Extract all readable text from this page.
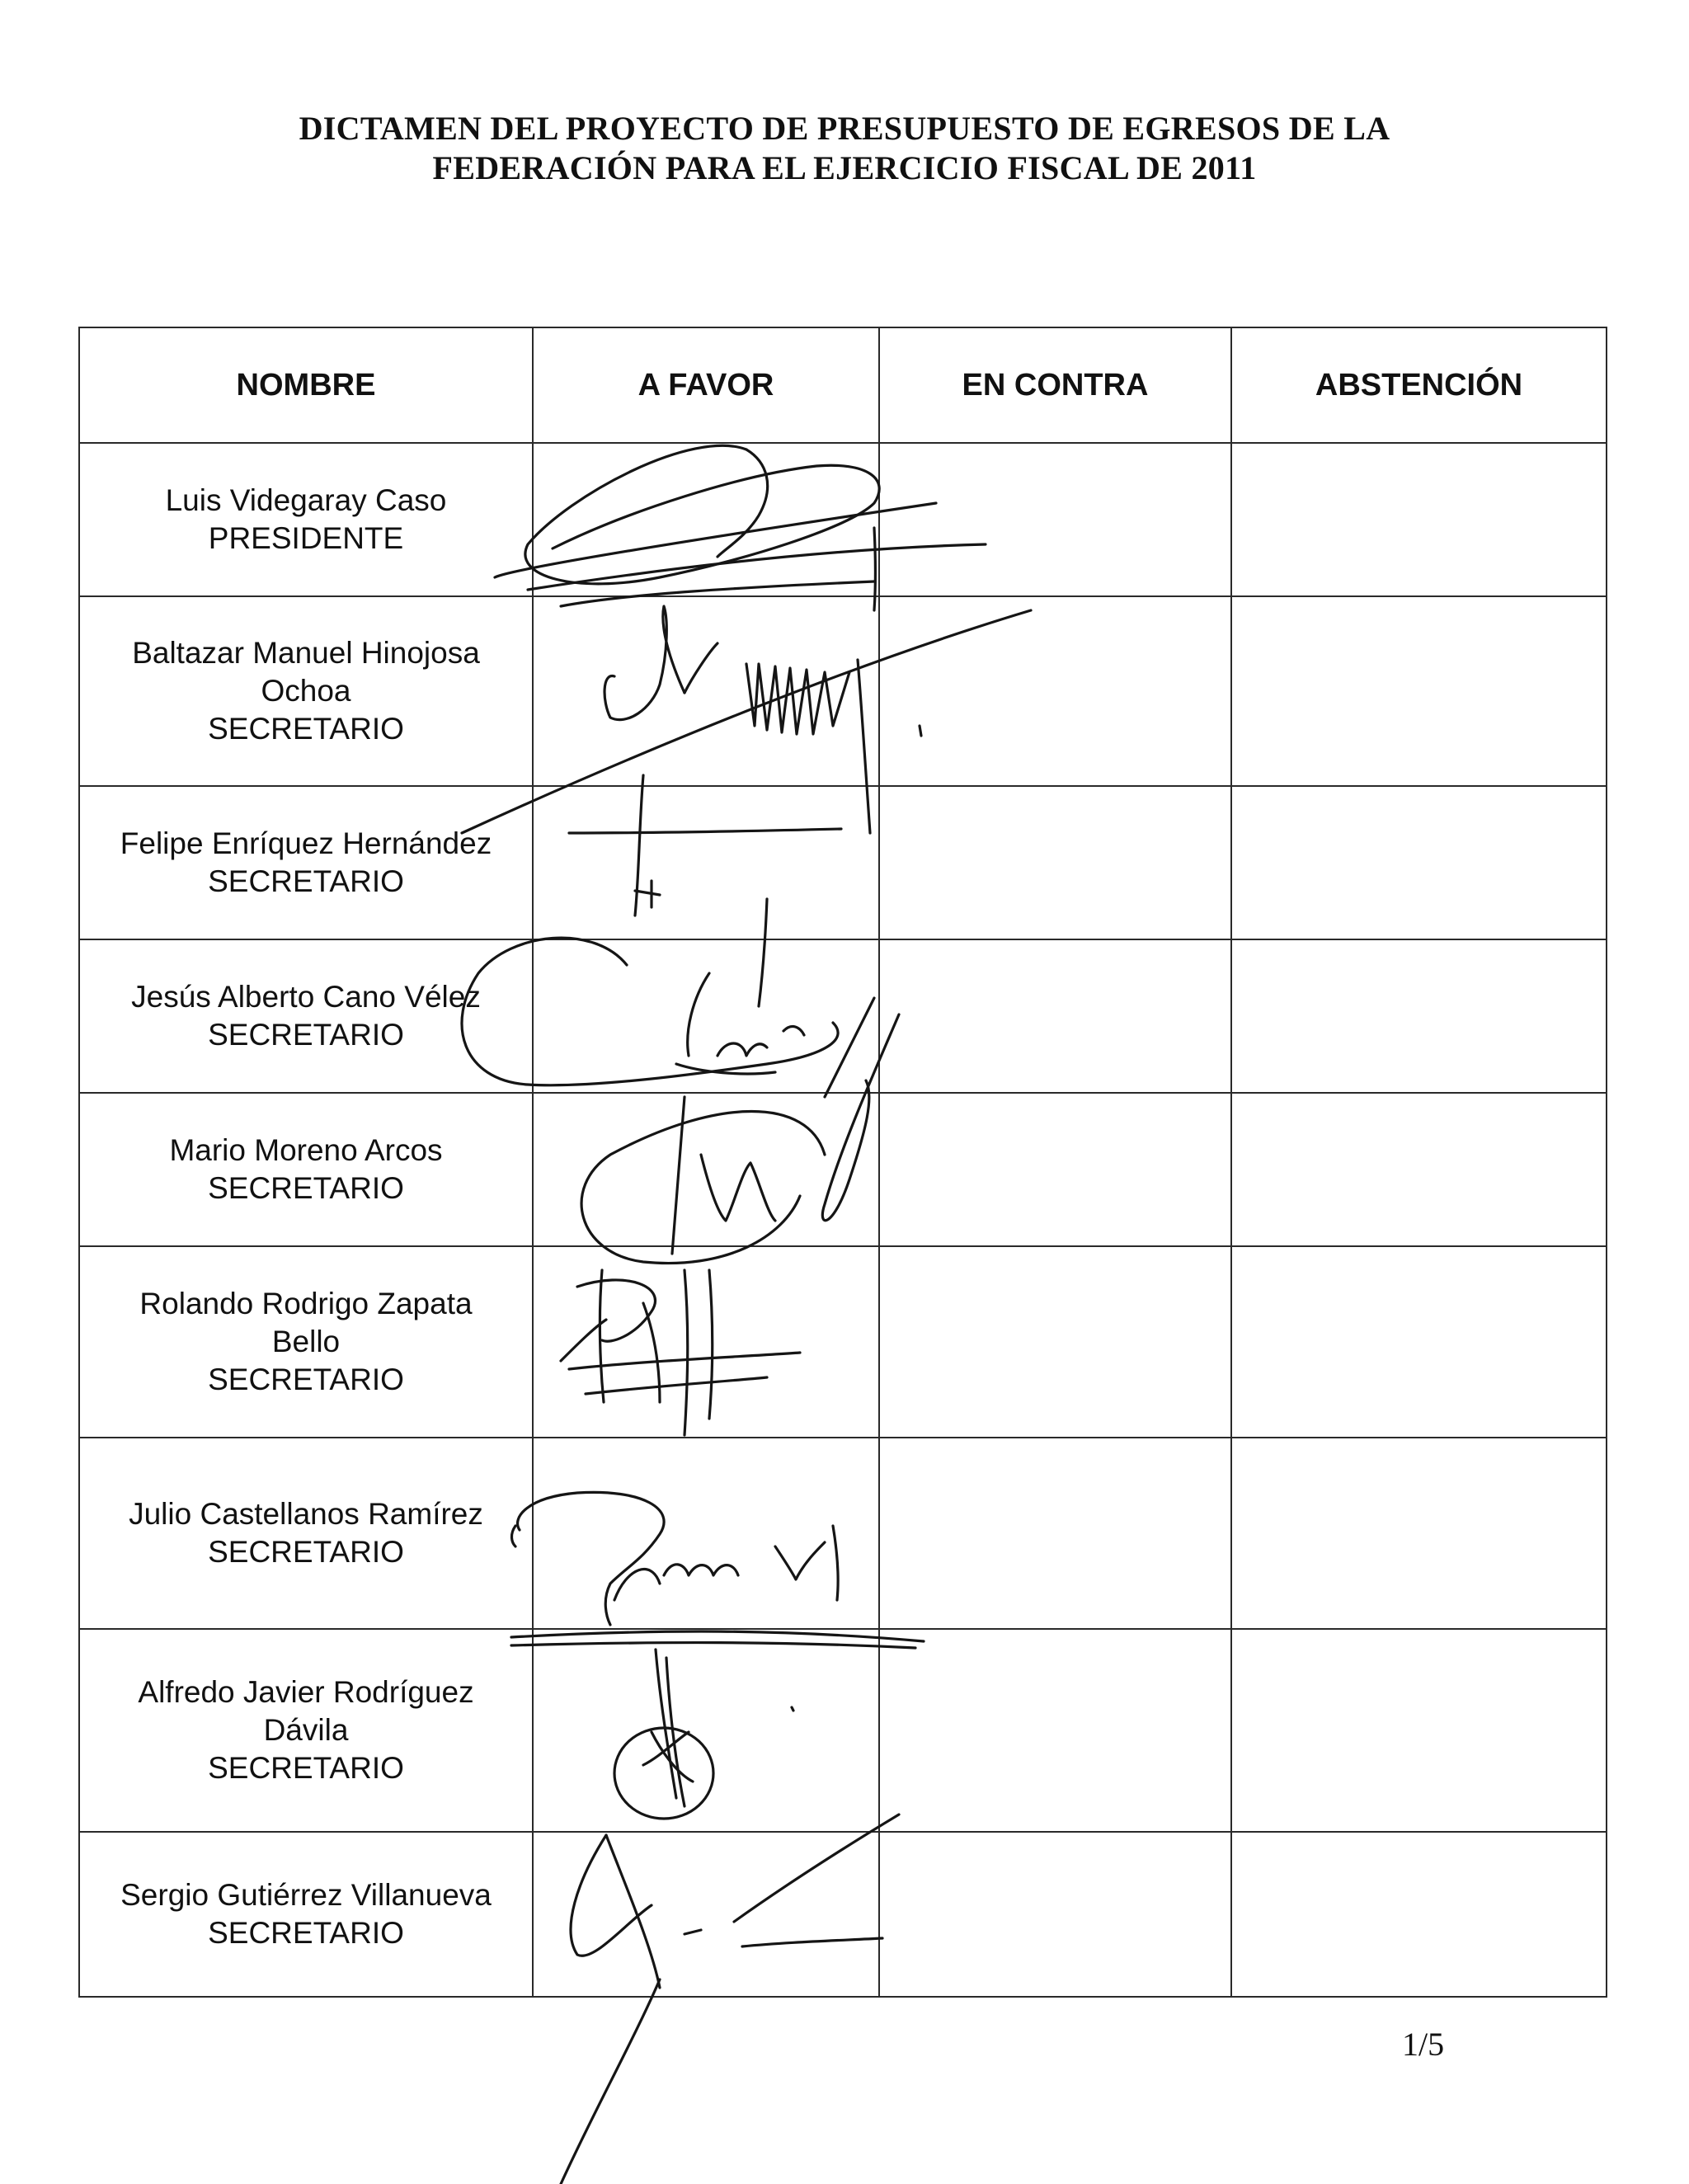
DICTAMEN DEL PROYECTO DE PRESUPUESTO DE EGRESOS DE LA
FEDERACIÓN PARA EL EJERCICIO FISCAL DE 2011
NOMBRE	A FAVOR	EN CONTRA	ABSTENCIÓN

Luis Videgaray Caso
PRESIDENTE			

Baltazar Manuel Hinojosa
Ochoa
SECRETARIO			

Felipe Enríquez Hernández
SECRETARIO			

Jesús Alberto Cano Vélez
SECRETARIO			

Mario Moreno Arcos
SECRETARIO			

Rolando Rodrigo Zapata
Bello
SECRETARIO			

Julio Castellanos Ramírez
SECRETARIO			

Alfredo Javier Rodríguez
Dávila
SECRETARIO			

Sergio Gutiérrez Villanueva
SECRETARIO			

1/5
